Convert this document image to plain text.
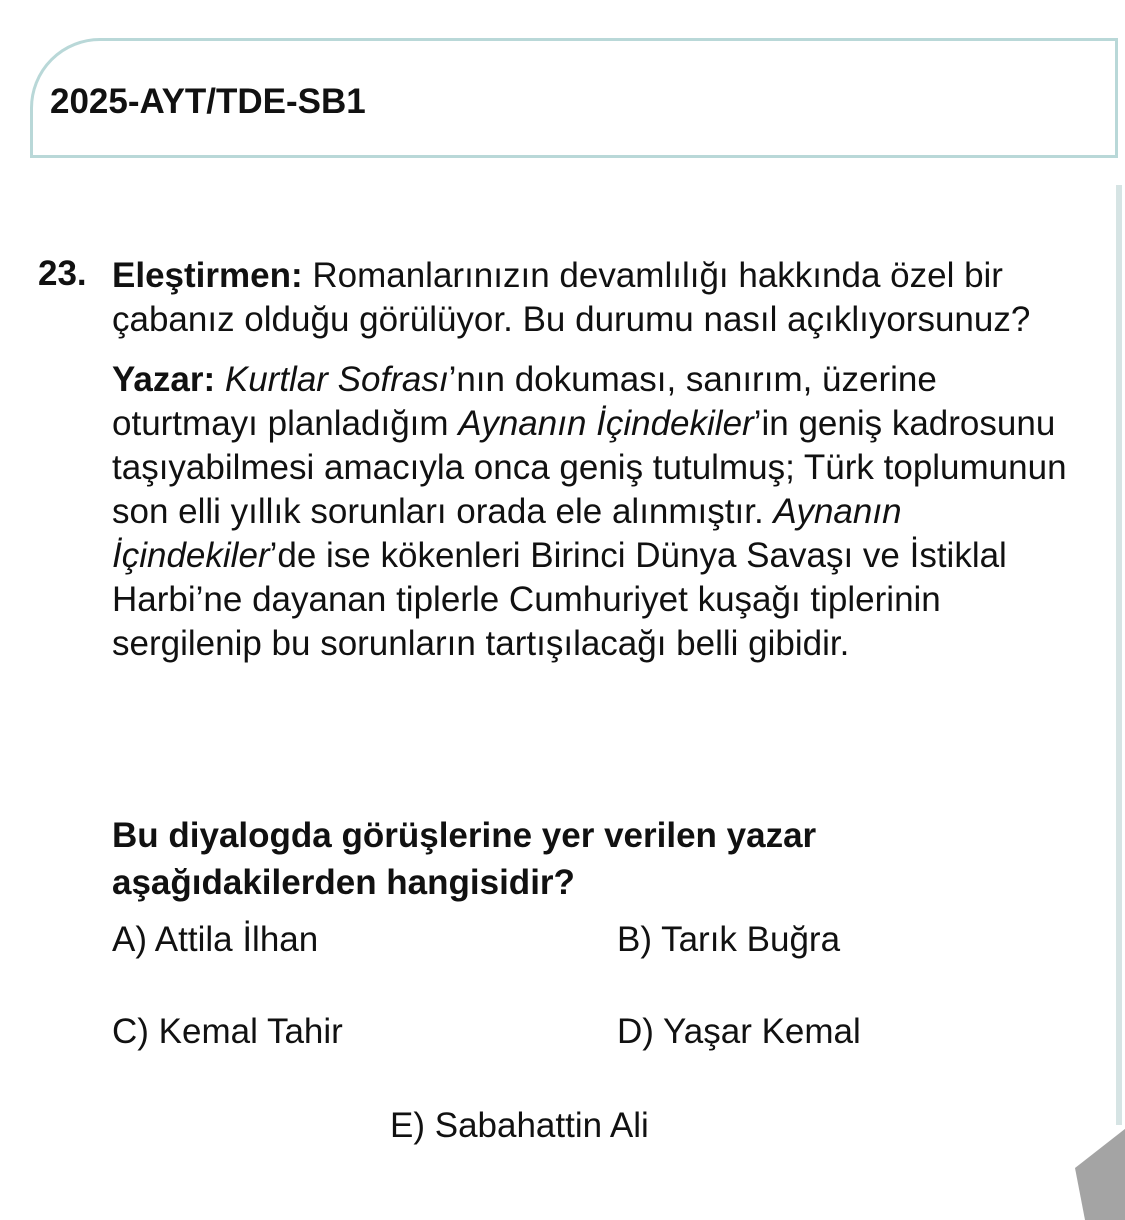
2025-AYT/TDE-SB1
23. Eleştirmen: Romanlarınızın devamlılığı hakkında özel bir çabanız olduğu görülüyor. Bu durumu nasıl açıklıyorsunuz?

Yazar: Kurtlar Sofrası’nın dokuması, sanırım, üzerine oturtmayı planladığım Aynanın İçindekiler’in geniş kadrosunu taşıyabilmesi amacıyla onca geniş tutulmuş; Türk toplumunun son elli yıllık sorunları orada ele alınmıştır. Aynanın İçindekiler’de ise kökenleri Birinci Dünya Savaşı ve İstiklal Harbi’ne dayanan tiplerle Cumhuriyet kuşağı tiplerinin sergilenip bu sorunların tartışılacağı belli gibidir.

Bu diyalogda görüşlerine yer verilen yazar
aşağıdakilerden hangisidir?
A) Attila İlhan	B) Tarık Buğra
C) Kemal Tahir	D) Yaşar Kemal
E) Sabahattin Ali
